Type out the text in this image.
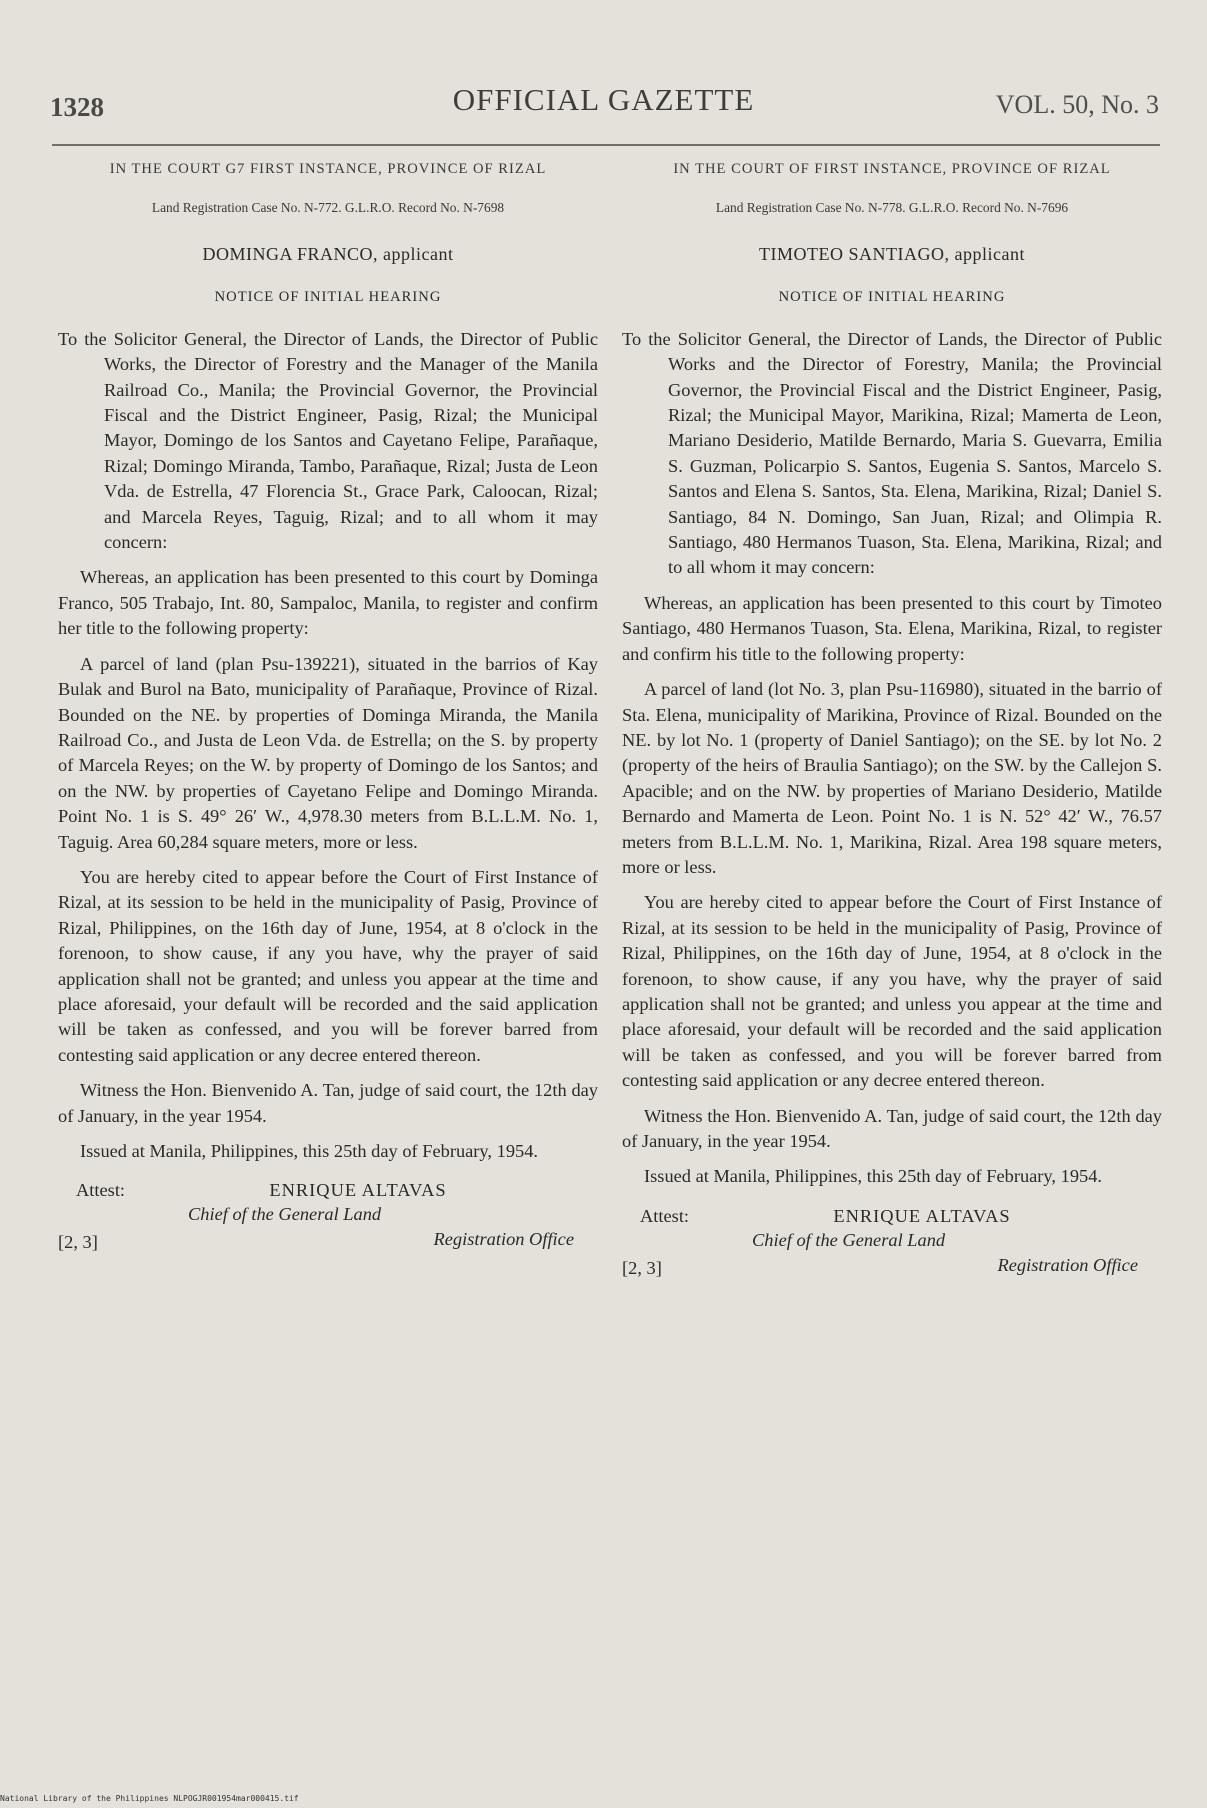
1328	OFFICIAL GAZETTE	VOL. 50, No. 3
IN THE COURT G7 FIRST INSTANCE, PROVINCE OF RIZAL
Land Registration Case No. N-772. G.L.R.O. Record No. N-7698
DOMINGA FRANCO, applicant
NOTICE OF INITIAL HEARING
To the Solicitor General, the Director of Lands, the Director of Public Works, the Director of Forestry and the Manager of the Manila Railroad Co., Manila; the Provincial Governor, the Provincial Fiscal and the District Engineer, Pasig, Rizal; the Municipal Mayor, Domingo de los Santos and Cayetano Felipe, Parañaque, Rizal; Domingo Miranda, Tambo, Parañaque, Rizal; Justa de Leon Vda. de Estrella, 47 Florencia St., Grace Park, Caloocan, Rizal; and Marcela Reyes, Taguig, Rizal; and to all whom it may concern:
Whereas, an application has been presented to this court by Dominga Franco, 505 Trabajo, Int. 80, Sampaloc, Manila, to register and confirm her title to the following property:
A parcel of land (plan Psu-139221), situated in the barrios of Kay Bulak and Burol na Bato, municipality of Parañaque, Province of Rizal. Bounded on the NE. by properties of Dominga Miranda, the Manila Railroad Co., and Justa de Leon Vda. de Estrella; on the S. by property of Marcela Reyes; on the W. by property of Domingo de los Santos; and on the NW. by properties of Cayetano Felipe and Domingo Miranda. Point No. 1 is S. 49° 26′ W., 4,978.30 meters from B.L.L.M. No. 1, Taguig. Area 60,284 square meters, more or less.
You are hereby cited to appear before the Court of First Instance of Rizal, at its session to be held in the municipality of Pasig, Province of Rizal, Philippines, on the 16th day of June, 1954, at 8 o'clock in the forenoon, to show cause, if any you have, why the prayer of said application shall not be granted; and unless you appear at the time and place aforesaid, your default will be recorded and the said application will be taken as confessed, and you will be forever barred from contesting said application or any decree entered thereon.
Witness the Hon. Bienvenido A. Tan, judge of said court, the 12th day of January, in the year 1954.
Issued at Manila, Philippines, this 25th day of February, 1954.
Attest:	ENRIQUE ALTAVAS
Chief of the General Land
Registration Office
[2, 3]
IN THE COURT OF FIRST INSTANCE, PROVINCE OF RIZAL
Land Registration Case No. N-778. G.L.R.O. Record No. N-7696
TIMOTEO SANTIAGO, applicant
NOTICE OF INITIAL HEARING
To the Solicitor General, the Director of Lands, the Director of Public Works and the Director of Forestry, Manila; the Provincial Governor, the Provincial Fiscal and the District Engineer, Pasig, Rizal; the Municipal Mayor, Marikina, Rizal; Mamerta de Leon, Mariano Desiderio, Matilde Bernardo, Maria S. Guevarra, Emilia S. Guzman, Policarpio S. Santos, Eugenia S. Santos, Marcelo S. Santos and Elena S. Santos, Sta. Elena, Marikina, Rizal; Daniel S. Santiago, 84 N. Domingo, San Juan, Rizal; and Olimpia R. Santiago, 480 Hermanos Tuason, Sta. Elena, Marikina, Rizal; and to all whom it may concern:
Whereas, an application has been presented to this court by Timoteo Santiago, 480 Hermanos Tuason, Sta. Elena, Marikina, Rizal, to register and confirm his title to the following property:
A parcel of land (lot No. 3, plan Psu-116980), situated in the barrio of Sta. Elena, municipality of Marikina, Province of Rizal. Bounded on the NE. by lot No. 1 (property of Daniel Santiago); on the SE. by lot No. 2 (property of the heirs of Braulia Santiago); on the SW. by the Callejon S. Apacible; and on the NW. by properties of Mariano Desiderio, Matilde Bernardo and Mamerta de Leon. Point No. 1 is N. 52° 42′ W., 76.57 meters from B.L.L.M. No. 1, Marikina, Rizal. Area 198 square meters, more or less.
You are hereby cited to appear before the Court of First Instance of Rizal, at its session to be held in the municipality of Pasig, Province of Rizal, Philippines, on the 16th day of June, 1954, at 8 o'clock in the forenoon, to show cause, if any you have, why the prayer of said application shall not be granted; and unless you appear at the time and place aforesaid, your default will be recorded and the said application will be taken as confessed, and you will be forever barred from contesting said application or any decree entered thereon.
Witness the Hon. Bienvenido A. Tan, judge of said court, the 12th day of January, in the year 1954.
Issued at Manila, Philippines, this 25th day of February, 1954.
Attest:	ENRIQUE ALTAVAS
Chief of the General Land
Registration Office
[2, 3]
National Library of the Philippines NLPOGJR001954mar000415.tif
